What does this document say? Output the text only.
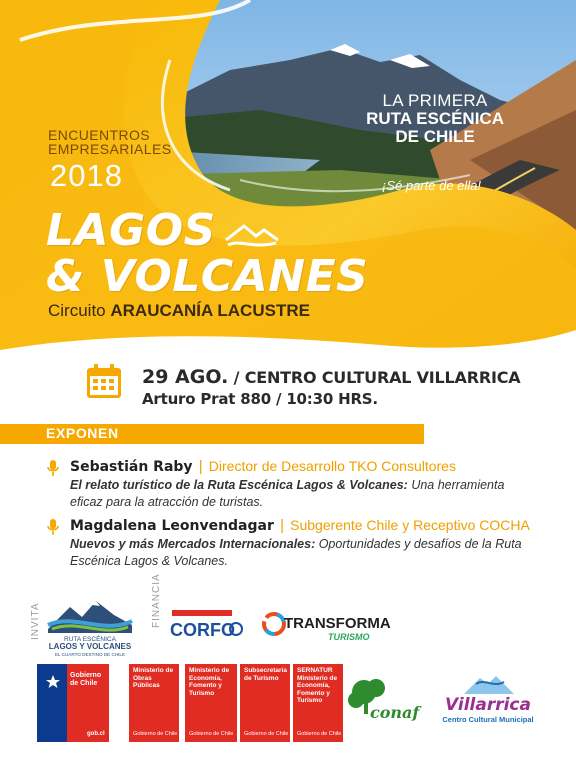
LA PRIMERA
RUTA ESCÉNICA
DE CHILE
¡Sé parte de ella!
ENCUENTROS
EMPRESARIALES
2018
LAGOS
& VOLCANES
Circuito ARAUCANÍA LACUSTRE
29 AGO. / CENTRO CULTURAL VILLARRICA
Arturo Prat 880 / 10:30 HRS.
EXPONEN
Sebastián Raby | Director de Desarrollo TKO Consultores
El relato turístico de la Ruta Escénica Lagos & Volcanes: Una herramienta eficaz para la atracción de turistas.
Magdalena Leonvendagar | Subgerente Chile y Receptivo COCHA
Nuevos y más Mercados Internacionales: Oportunidades y desafíos de la Ruta Escénica Lagos & Volcanes.
INVITA	FINANCIA
RUTA ESCÉNICA
LAGOS Y VOLCANES
EL CUARTO DESTINO DE CHILE
CORFO	TRANSFORMA
TURISMO
Gobierno de Chile
gob.cl
Ministerio de Obras Públicas
Gobierno de Chile
Ministerio de Economía, Fomento y Turismo
Gobierno de Chile
Subsecretaría de Turismo
Gobierno de Chile
SERNATUR Ministerio de Economía, Fomento y Turismo
Gobierno de Chile
conaf Villarrica
Centro Cultural Municipal
